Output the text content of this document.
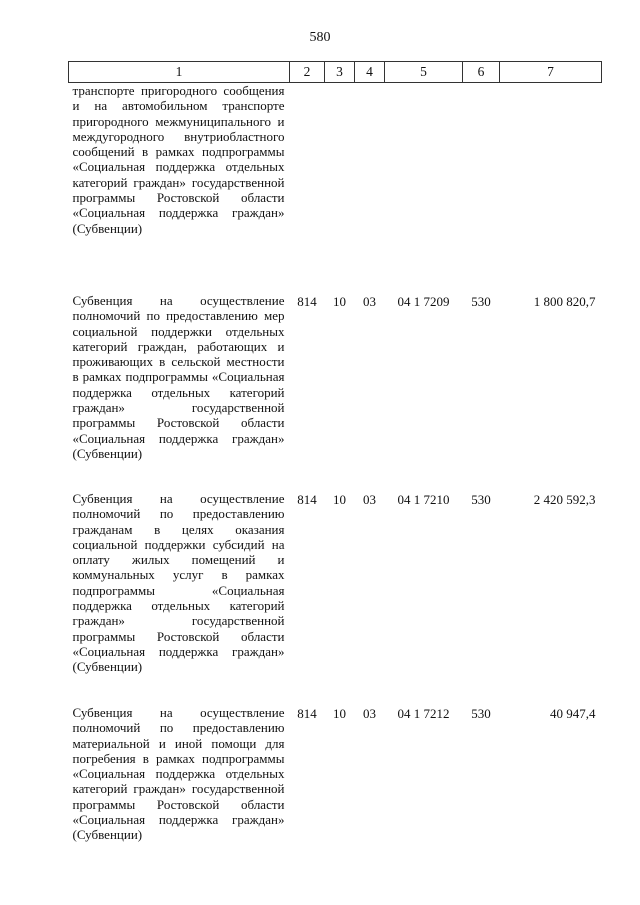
580
1	2	3	4	5	6	7
транспорте пригородного сообщения и на автомобильном транспорте пригородного межмуниципального и междугородного внутриобластного сообщений в рамках подпрограммы «Социальная поддержка отдельных категорий граждан» государственной программы Ростовской области «Социальная поддержка граждан» (Субвенции)						
Субвенция на осуществление полномочий по предоставлению мер социальной поддержки отдельных категорий граждан, работающих и проживающих в сельской местности в рамках подпрограммы «Социальная поддержка отдельных категорий граждан» государственной программы Ростовской области «Социальная поддержка граждан» (Субвенции)	814	10	03	04 1 7209	530	1 800 820,7
Субвенция на осуществление полномочий по предоставлению гражданам в целях оказания социальной поддержки субсидий на оплату жилых помещений и коммунальных услуг в рамках подпрограммы «Социальная поддержка отдельных категорий граждан» государственной программы Ростовской области «Социальная поддержка граждан» (Субвенции)	814	10	03	04 1 7210	530	2 420 592,3
Субвенция на осуществление полномочий по предоставлению материальной и иной помощи для погребения в рамках подпрограммы «Социальная поддержка отдельных категорий граждан» государственной программы Ростовской области «Социальная поддержка граждан» (Субвенции)	814	10	03	04 1 7212	530	40 947,4
